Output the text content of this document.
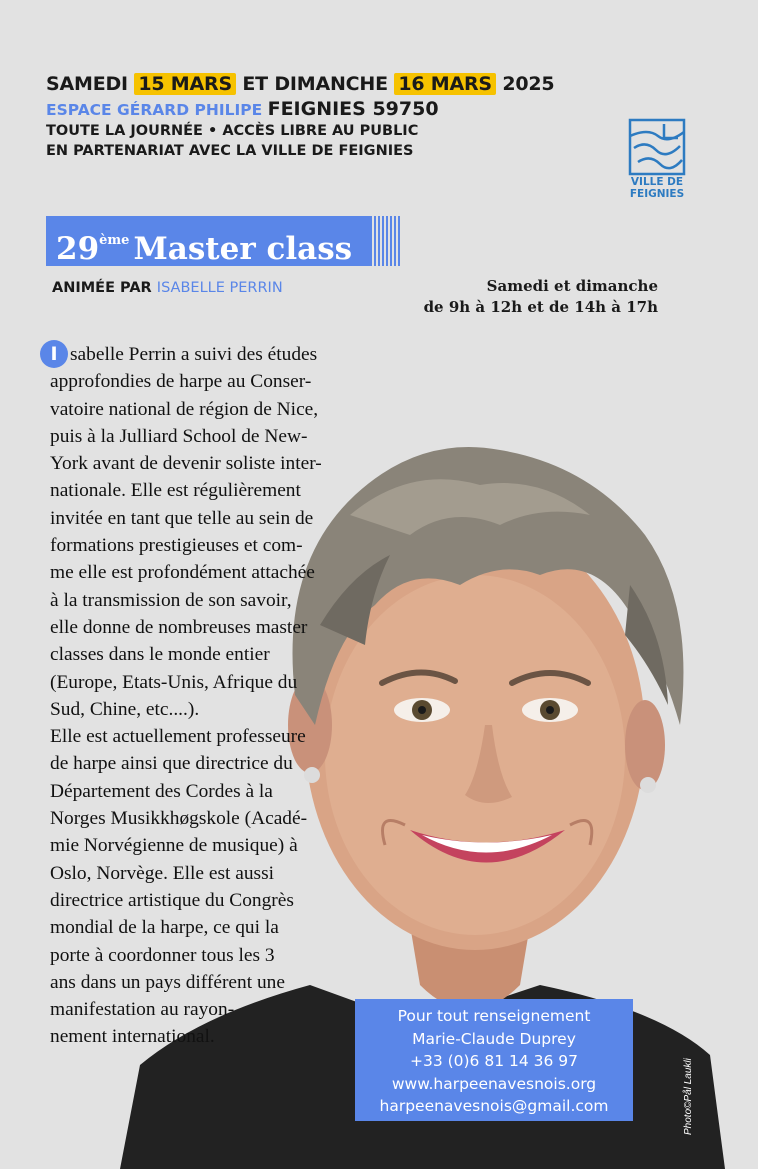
SAMEDI 15 MARS ET DIMANCHE 16 MARS 2025
ESPACE GÉRARD PHILIPE FEIGNIES 59750
TOUTE LA JOURNÉE • ACCÈS LIBRE AU PUBLIC
EN PARTENARIAT AVEC LA VILLE DE FEIGNIES
VILLE DE
FEIGNIES
29ème Master class
ANIMÉE PAR ISABELLE PERRIN	Samedi et dimanche
de 9h à 12h et de 14h à 17h
I sabelle Perrin a suivi des études
approfondies de harpe au Conser-
vatoire national de région de Nice,
puis à la Julliard School de New-
York avant de devenir soliste inter-
nationale. Elle est régulièrement
invitée en tant que telle au sein de
formations prestigieuses et com-
me elle est profondément attachée
à la transmission de son savoir,
elle donne de nombreuses master
classes dans le monde entier
(Europe, Etats-Unis, Afrique du
Sud, Chine, etc....).
Elle est actuellement professeure
de harpe ainsi que directrice du
Département des Cordes à la
Norges Musikkhøgskole (Acadé-
mie Norvégienne de musique) à
Oslo, Norvège. Elle est aussi
directrice artistique du Congrès
mondial de la harpe, ce qui la
porte à coordonner tous les 3
ans dans un pays différent une
manifestation au rayon-
nement international.
Pour tout renseignement
Marie-Claude Duprey
+33 (0)6 81 14 36 97
www.harpeenavesnois.org
harpeenavesnois@gmail.com	Photo©Pål Laukli
